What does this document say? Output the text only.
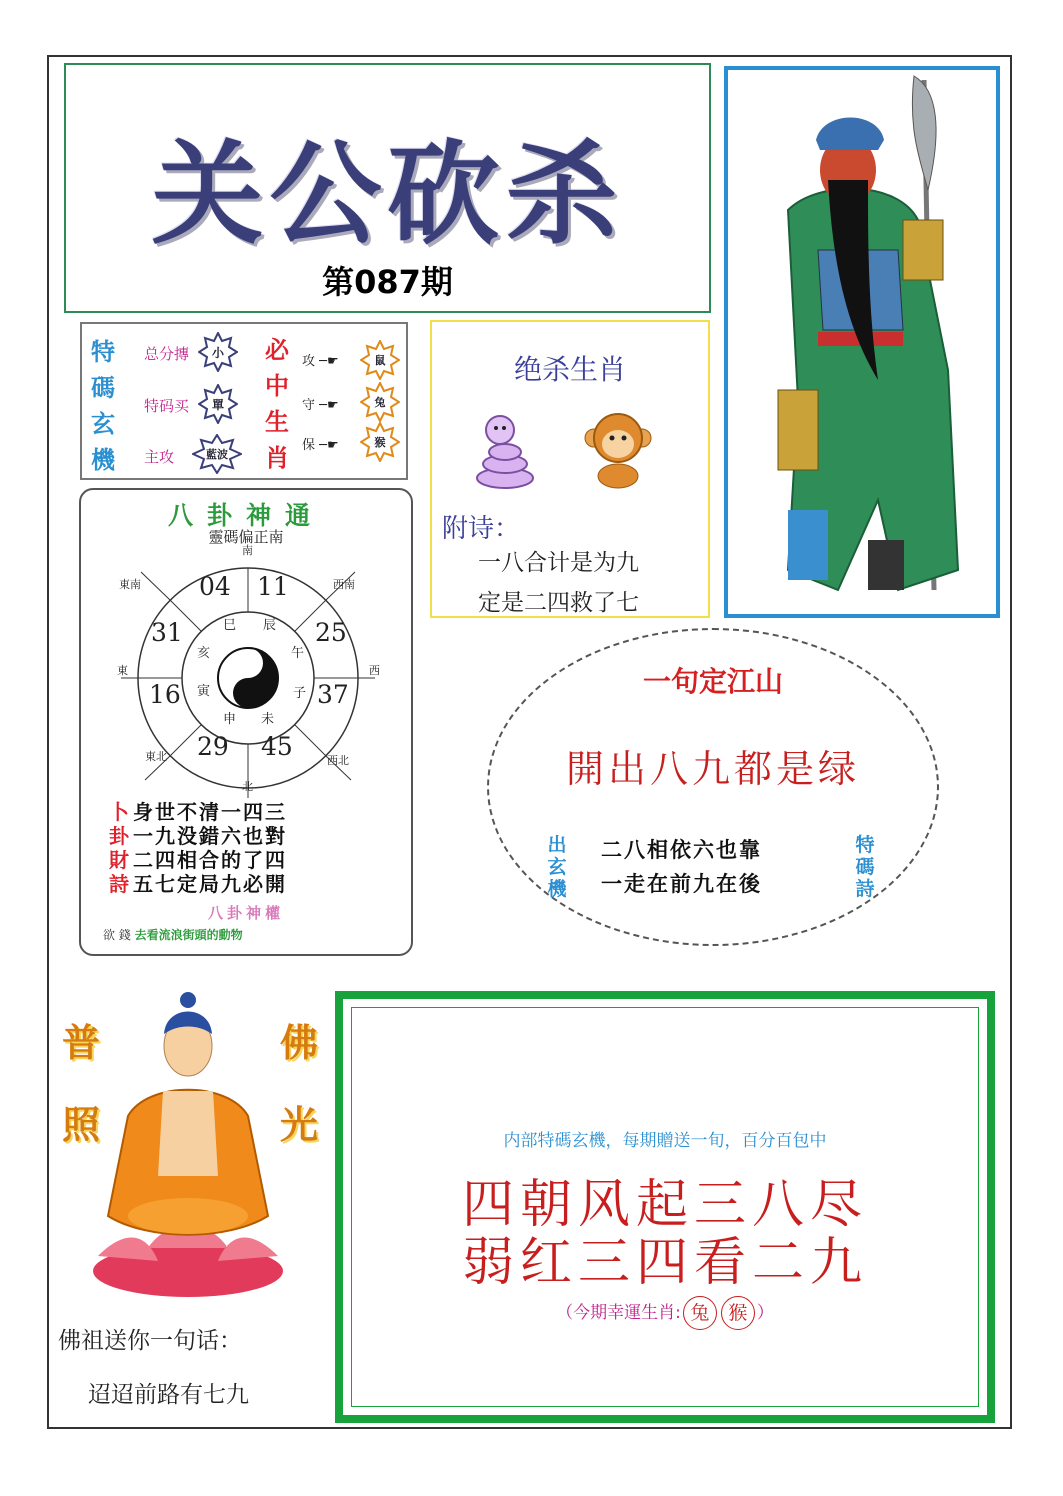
关公砍杀
第087期
特
碼
玄
機
总分摶 小
特码买 單
主攻	藍波
必
中
生
肖
攻 ─☛	鼠
守 ─☛	兔
保 ─☛	猴
绝杀生肖
附诗：
一八合计是为九
定是二四救了七
八卦神通
靈碼偏正南
東南	西南
東	西
東北	西北
北
南
04 11
25
37
45
29
16
31	巳 辰
午
子
未
申
寅
亥
卜
卦
財
詩
身世不清一四三
一九没錯六也對
二四相合的了四
五七定局九必開
八卦神權
欲 錢 去看流浪街頭的動物
一句定江山
開出八九都是绿
二八相依六也靠
一走在前九在後
出
玄
機
特
碼
詩
普
照
佛
光
佛祖送你一句话：
迢迢前路有七九
内部特碼玄機，每期贈送一旬，百分百包中
四朝风起三八尽
弱红三四看二九
（今期幸運生肖: 兔 猴 ）
